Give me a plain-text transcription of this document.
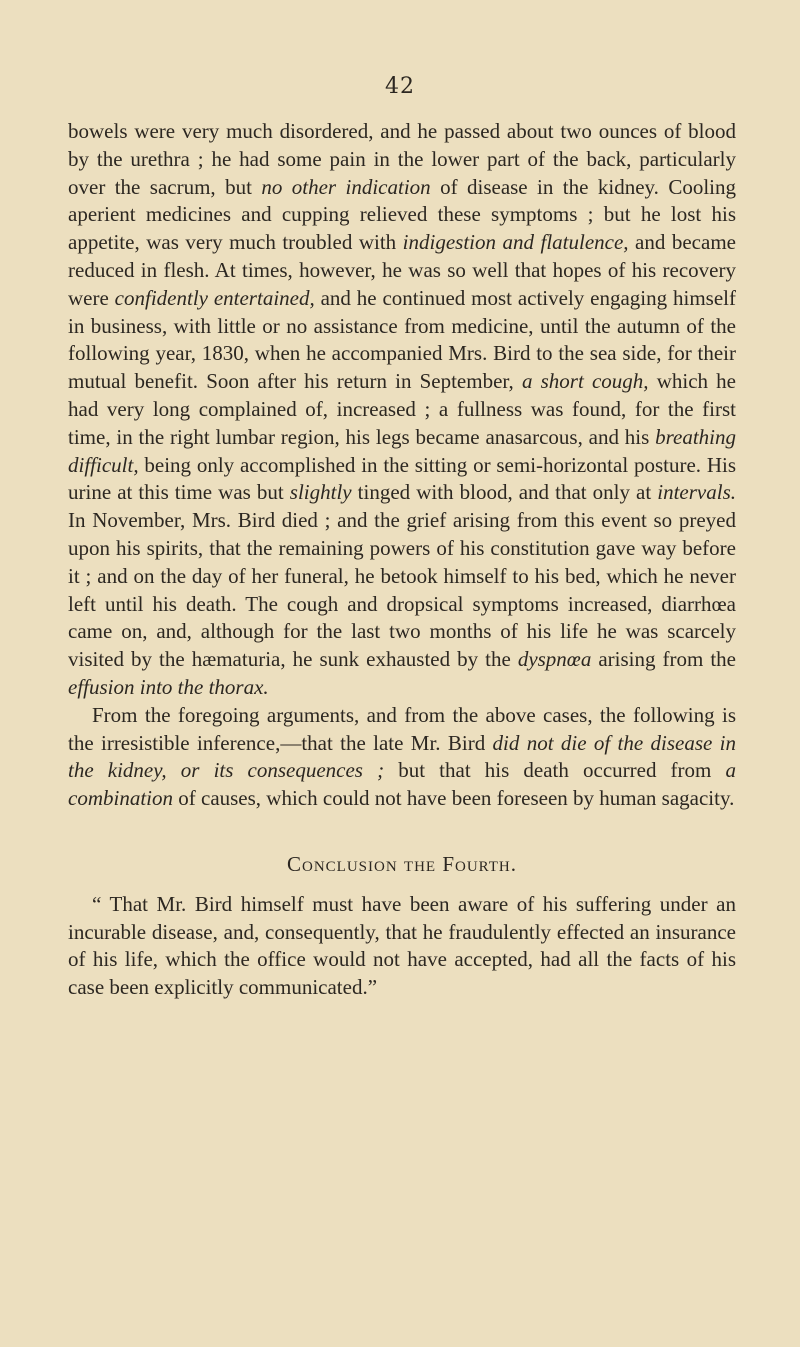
42

bowels were very much disordered, and he passed about two ounces of blood by the urethra ; he had some pain in the lower part of the back, particularly over the sacrum, but no other indication of disease in the kidney. Cooling aperient medicines and cupping relieved these symptoms ; but he lost his appetite, was very much troubled with indigestion and flatulence, and became reduced in flesh. At times, however, he was so well that hopes of his recovery were confidently entertained, and he continued most actively engaging himself in business, with little or no assistance from medicine, until the autumn of the following year, 1830, when he accompanied Mrs. Bird to the sea side, for their mutual benefit. Soon after his return in September, a short cough, which he had very long complained of, increased ; a fullness was found, for the first time, in the right lumbar region, his legs became anasarcous, and his breathing difficult, being only accomplished in the sitting or semi-horizontal posture. His urine at this time was but slightly tinged with blood, and that only at intervals. In November, Mrs. Bird died ; and the grief arising from this event so preyed upon his spirits, that the remaining powers of his constitution gave way before it ; and on the day of her funeral, he betook himself to his bed, which he never left until his death. The cough and dropsical symptoms increased, diarrhœa came on, and, although for the last two months of his life he was scarcely visited by the hæmaturia, he sunk exhausted by the dyspnœa arising from the effusion into the thorax.

From the foregoing arguments, and from the above cases, the following is the irresistible inference,—that the late Mr. Bird did not die of the disease in the kidney, or its consequences ; but that his death occurred from a combination of causes, which could not have been foreseen by human sagacity.

Conclusion the Fourth.

“ That Mr. Bird himself must have been aware of his suffering under an incurable disease, and, consequently, that he fraudulently effected an insurance of his life, which the office would not have accepted, had all the facts of his case been explicitly communicated.”
